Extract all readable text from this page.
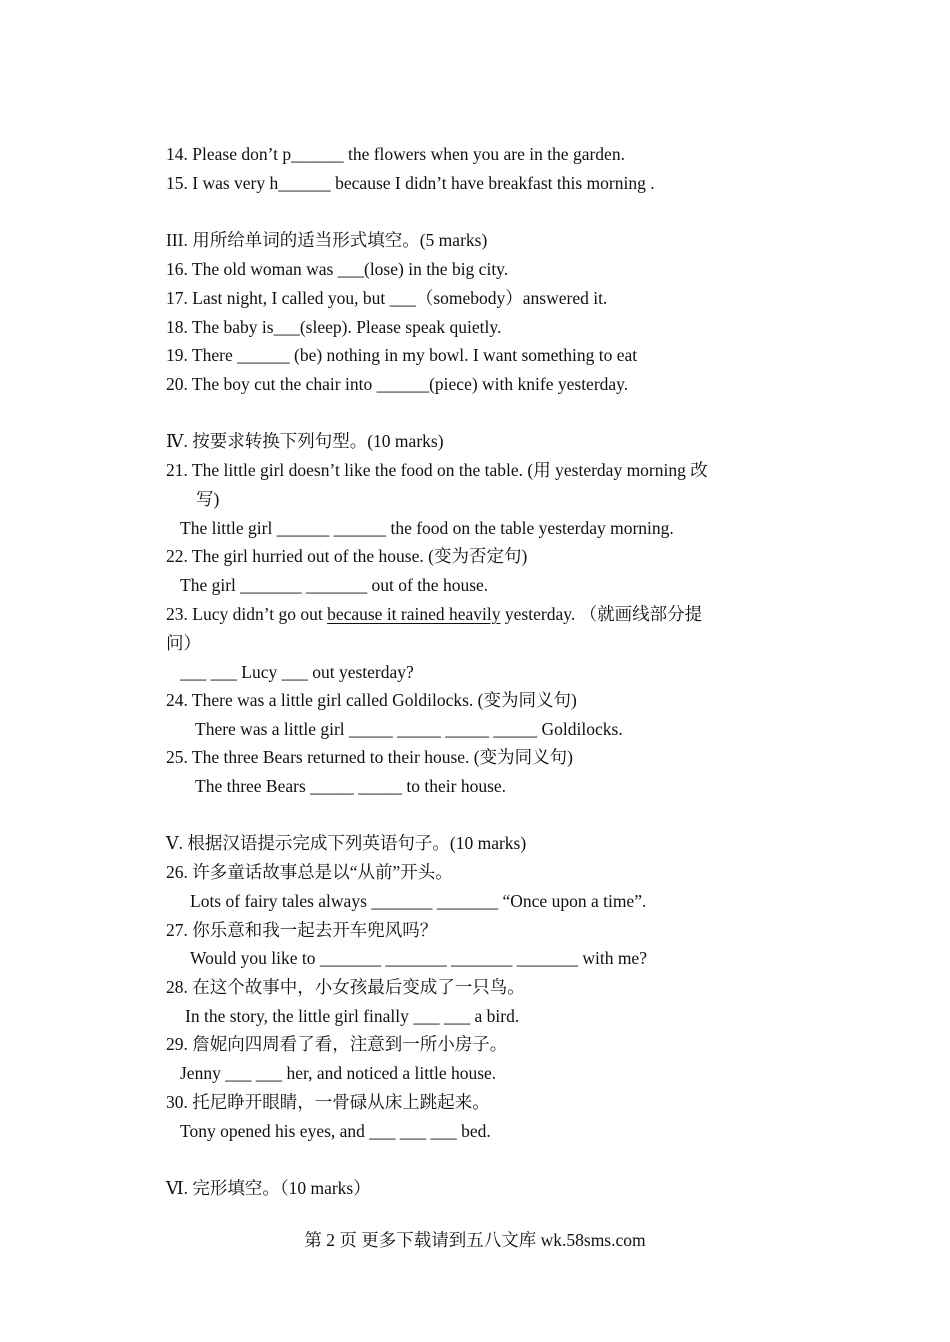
14. Please don’t p______ the flowers when you are in the garden.
15. I was very h______ because I didn’t have breakfast this morning .
III. 用所给单词的适当形式填空。(5 marks)
16. The old woman was ___(lose) in the big city.
17. Last night, I called you, but ___（somebody）answered it.
18. The baby is___(sleep). Please speak quietly.
19. There ______ (be) nothing in my bowl. I want something to eat
20. The boy cut the chair into ______(piece) with knife yesterday.
Ⅳ. 按要求转换下列句型。(10 marks)
21. The little girl doesn’t like the food on the table. (用 yesterday morning 改
写)
The little girl ______ ______ the food on the table yesterday morning.
22. The girl hurried out of the house. (变为否定句)
The girl _______ _______ out of the house.
23. Lucy didn’t go out because it rained heavily yesterday. （就画线部分提
问）
___ ___ Lucy ___ out yesterday?
24. There was a little girl called Goldilocks. (变为同义句)
There was a little girl _____ _____ _____ _____ Goldilocks.
25. The three Bears returned to their house. (变为同义句)
The three Bears _____ _____ to their house.
Ⅴ. 根据汉语提示完成下列英语句子。(10 marks)
26. 许多童话故事总是以“从前”开头。
Lots of fairy tales always _______ _______ “Once upon a time”.
27. 你乐意和我一起去开车兜风吗？
Would you like to _______ _______ _______ _______ with me?
28. 在这个故事中，小女孩最后变成了一只鸟。
In the story, the little girl finally ___ ___ a bird.
29. 詹妮向四周看了看，注意到一所小房子。
Jenny ___ ___ her, and noticed a little house.
30. 托尼睁开眼睛，一骨碌从床上跳起来。
Tony opened his eyes, and ___ ___ ___ bed.
Ⅵ. 完形填空。（10 marks）
第 2 页 更多下载请到五八文库 wk.58sms.com
